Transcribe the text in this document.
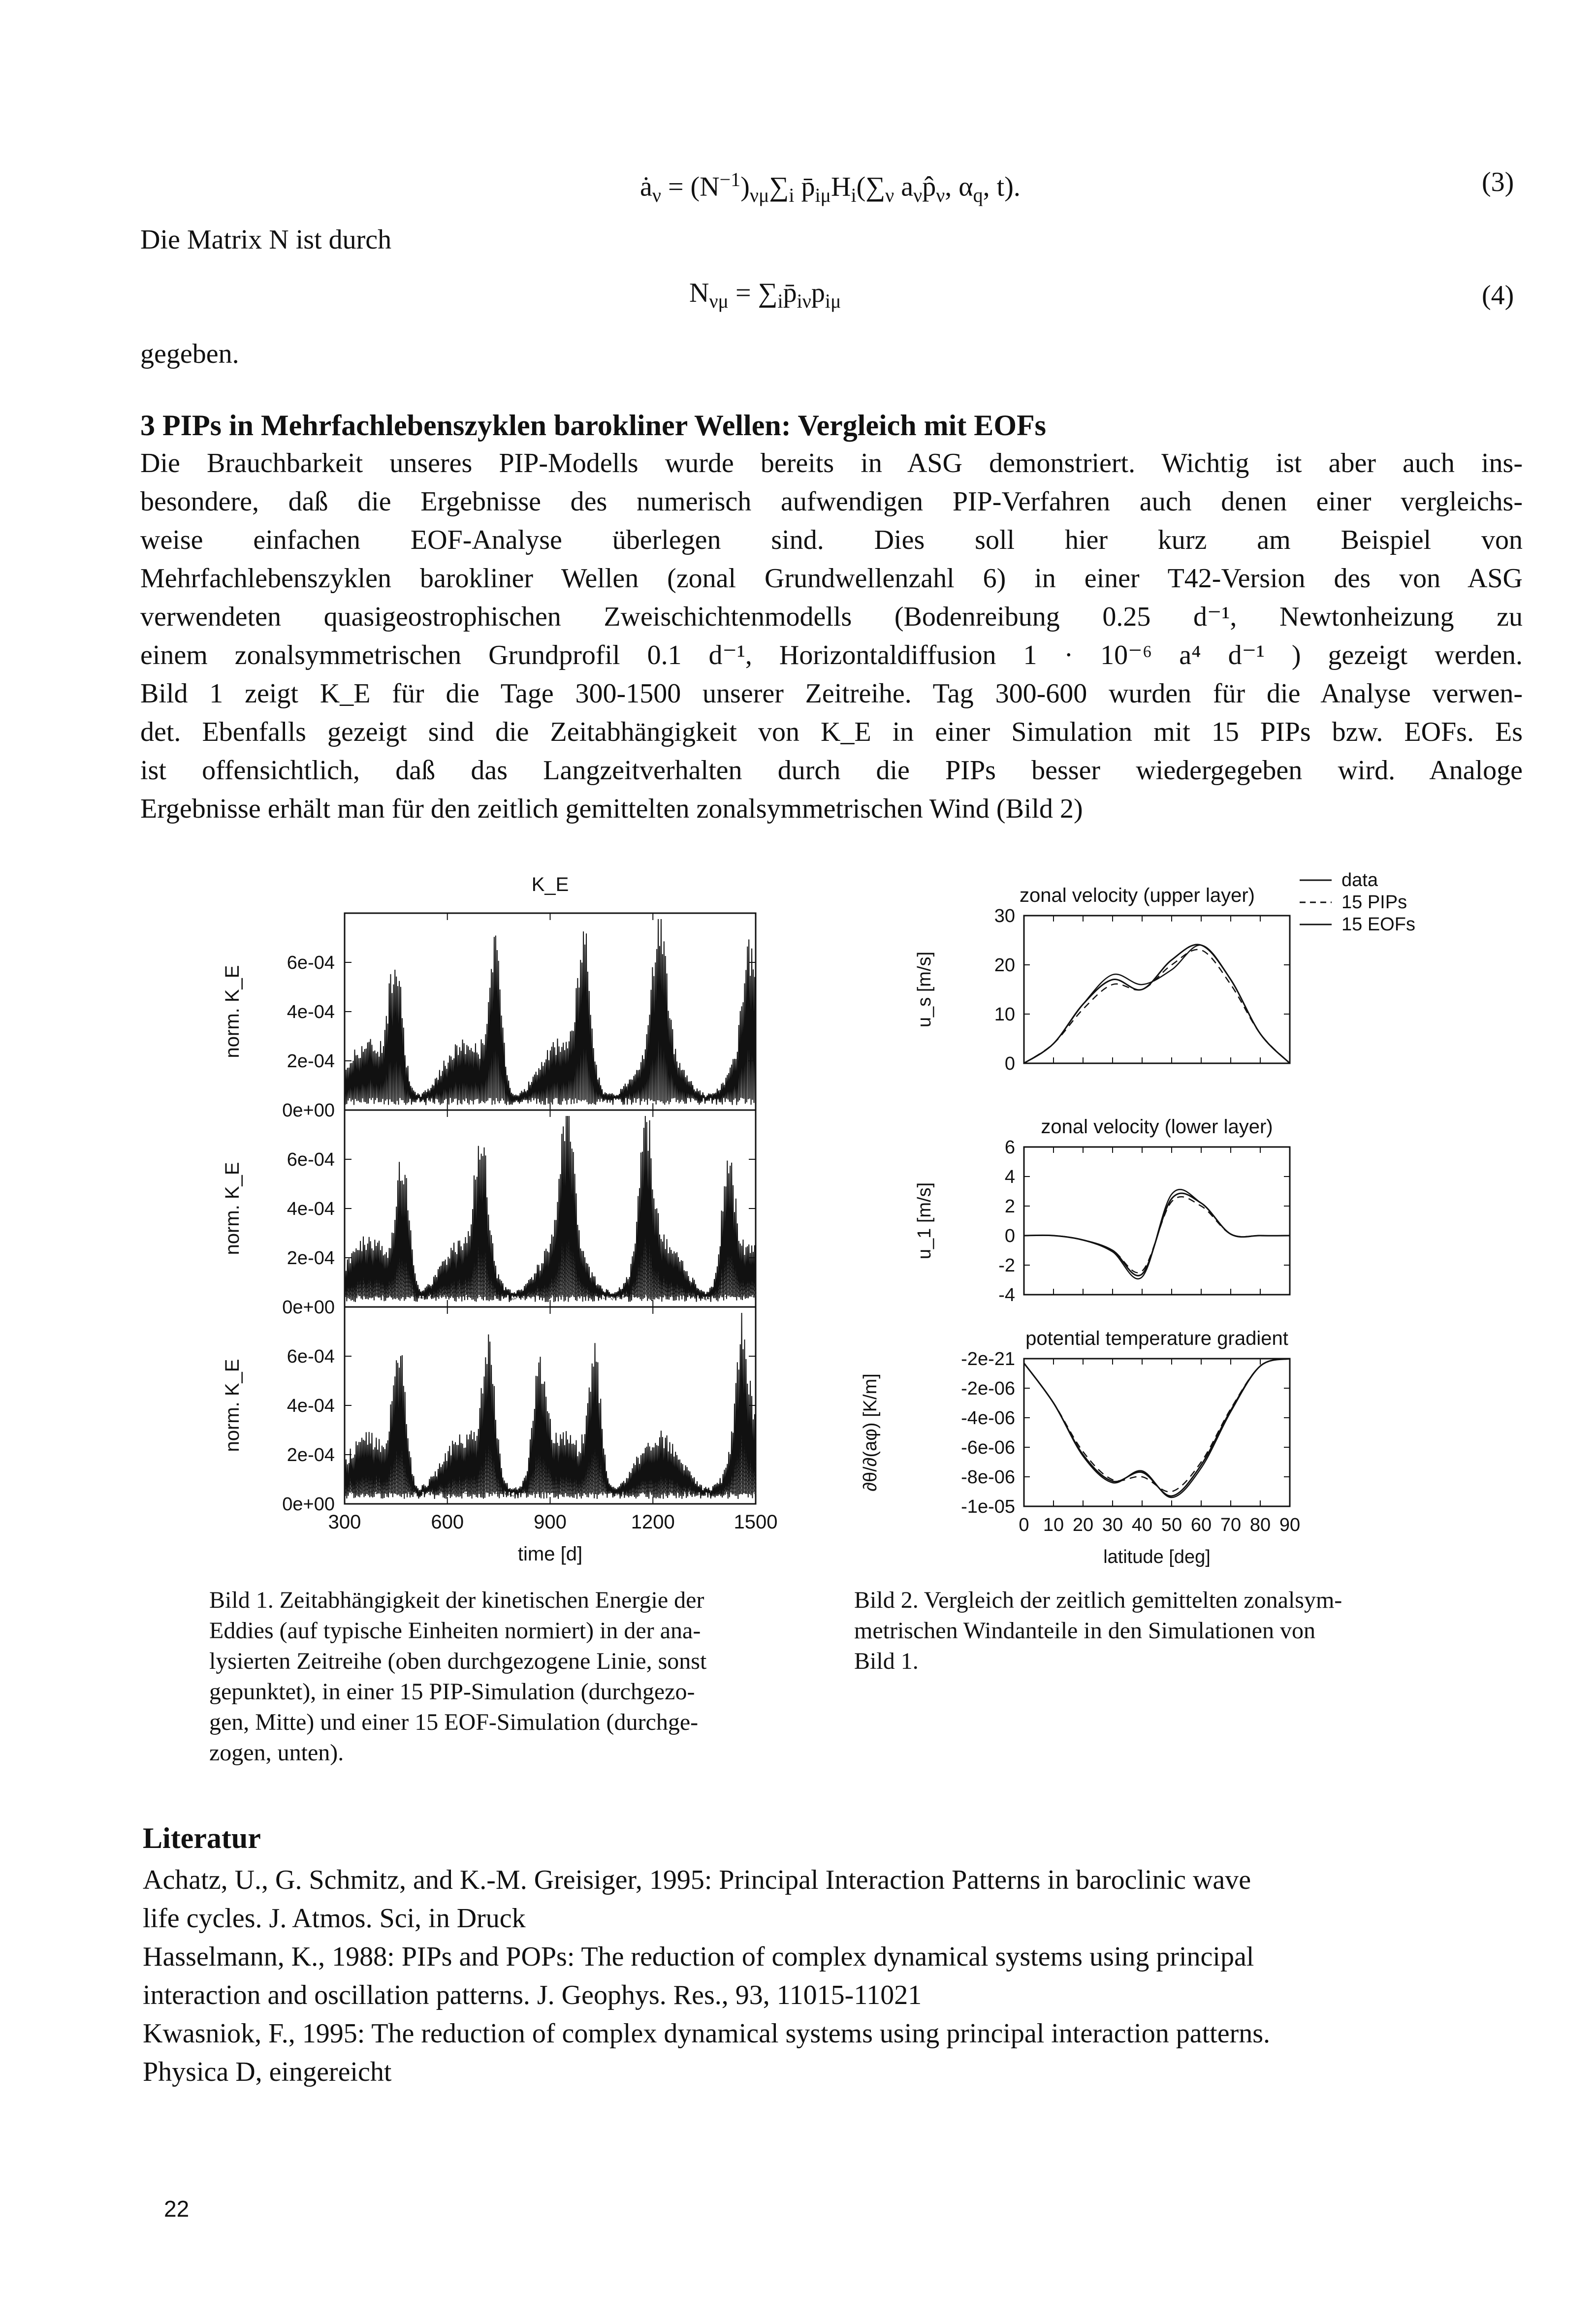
$ȧ_\nu = (N^{-1})_{\nu\mu}\sum_i$ $p̄_{i\mu}H_i(\sum_\nu$ $a_\nu p̂_\nu$, $\alpha_q$, t).	(3)
Die Matrix N ist durch
$N_{\nu\mu}$ = $\sum_ip̄_{i\nu}p_{i\mu}$	(4)
gegeben.
3 PIPs in Mehrfachlebenszyklen barokliner Wellen: Vergleich mit EOFs
Die Brauchbarkeit unseres PIP-Modells wurde bereits in ASG demonstriert. Wichtig ist aber auch ins-
besondere, daß die Ergebnisse des numerisch aufwendigen PIP-Verfahren auch denen einer vergleichs-
weise einfachen EOF-Analyse überlegen sind. Dies soll hier kurz am Beispiel von
Mehrfachlebenszyklen barokliner Wellen (zonal Grundwellenzahl 6) in einer T42-Version des von ASG
verwendeten quasigeostrophischen Zweischichtenmodells (Bodenreibung 0.25 d⁻¹, Newtonheizung zu
einem zonalsymmetrischen Grundprofil 0.1 d⁻¹, Horizontaldiffusion 1 · 10⁻⁶ a⁴ d⁻¹ ) gezeigt werden.
Bild 1 zeigt K_E für die Tage 300-1500 unserer Zeitreihe. Tag 300-600 wurden für die Analyse verwen-
det. Ebenfalls gezeigt sind die Zeitabhängigkeit von K_E in einer Simulation mit 15 PIPs bzw. EOFs. Es
ist offensichtlich, daß das Langzeitverhalten durch die PIPs besser wiedergegeben wird. Analoge
Ergebnisse erhält man für den zeitlich gemittelten zonalsymmetrischen Wind (Bild 2)
K_E
0e+00
2e-04
4e-04
6e-04
norm. K_E
0e+00
2e-04
4e-04
6e-04
norm. K_E
0e+00
2e-04
4e-04
6e-04
norm. K_E
300	600	900	1200	1500
time [d]
data
15 PIPs
15 EOFs
zonal velocity (upper layer)
0
10
20
30
u_s [m/s]
zonal velocity (lower layer)
-4
-2
0
2
4
6
u_1 [m/s]
potential temperature gradient
-1e-05
-8e-06
-6e-06
-4e-06
-2e-06
-2e-21
∂θ/∂(aφ) [K/m]
0 10 20 30 40 50 60 70 80 90
latitude [deg]
Bild 1. Zeitabhängigkeit der kinetischen Energie der
Eddies (auf typische Einheiten normiert) in der ana-
lysierten Zeitreihe (oben durchgezogene Linie, sonst
gepunktet), in einer 15 PIP-Simulation (durchgezo-
gen, Mitte) und einer 15 EOF-Simulation (durchge-
zogen, unten).
Bild 2. Vergleich der zeitlich gemittelten zonalsym-
metrischen Windanteile in den Simulationen von
Bild 1.
Literatur
Achatz, U., G. Schmitz, and K.-M. Greisiger, 1995: Principal Interaction Patterns in baroclinic wave
life cycles. J. Atmos. Sci, in Druck
Hasselmann, K., 1988: PIPs and POPs: The reduction of complex dynamical systems using principal
interaction and oscillation patterns. J. Geophys. Res., 93, 11015-11021
Kwasniok, F., 1995: The reduction of complex dynamical systems using principal interaction patterns.
Physica D, eingereicht
22
